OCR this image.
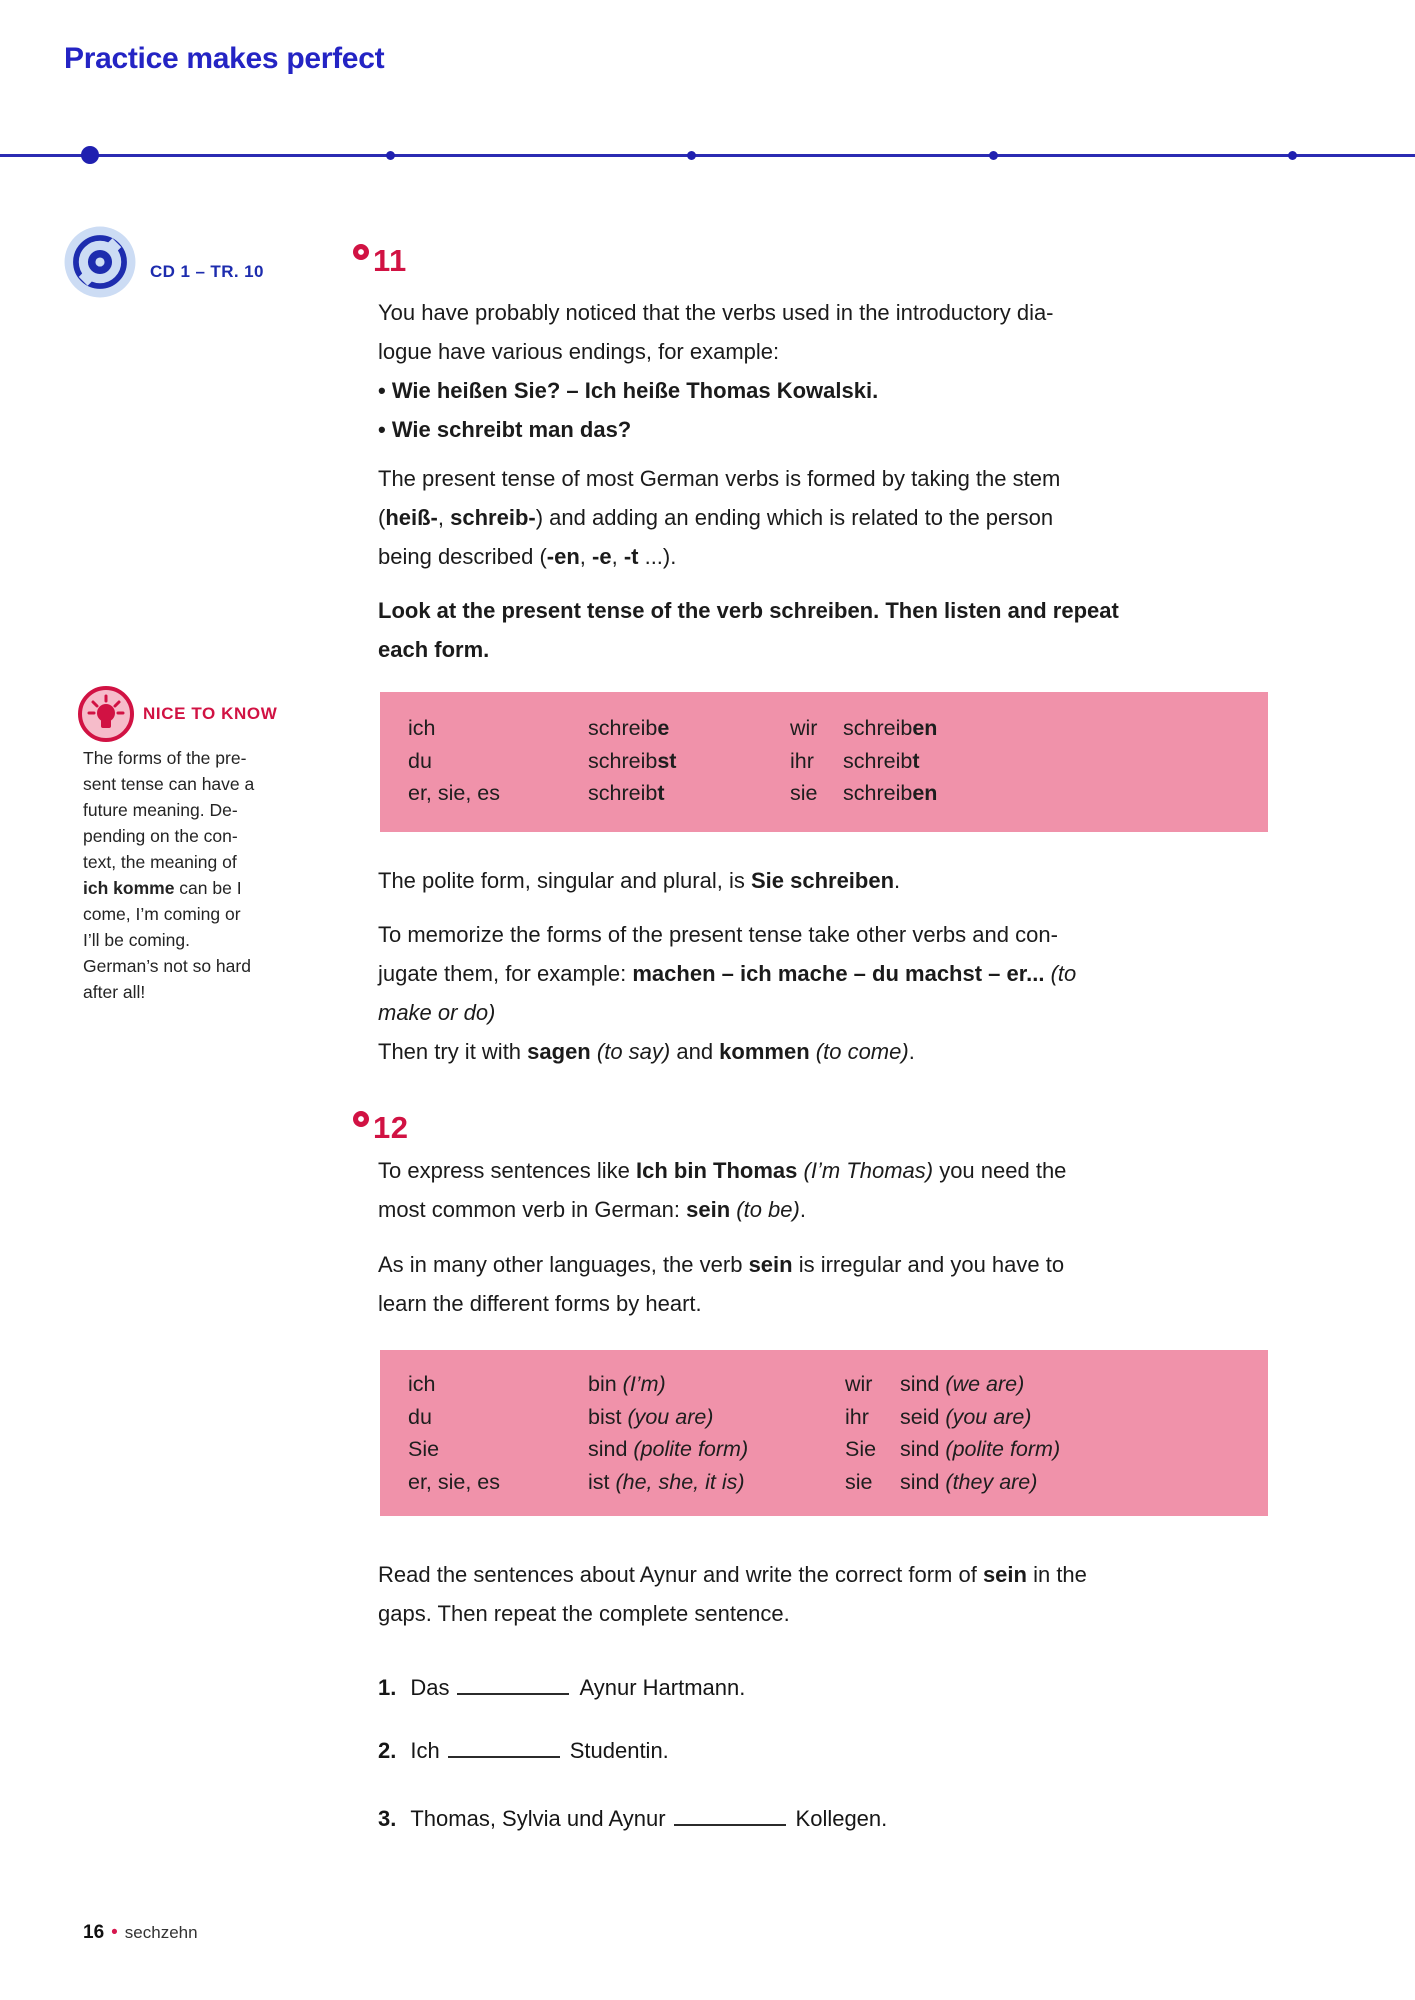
Practice makes perfect
CD 1 – TR. 10	11
You have probably noticed that the verbs used in the introductory dia-
logue have various endings, for example:
• Wie heißen Sie? – Ich heiße Thomas Kowalski.
• Wie schreibt man das?
The present tense of most German verbs is formed by taking the stem
(heiß-, schreib-) and adding an ending which is related to the person
being described (-en, -e, -t ...).
Look at the present tense of the verb schreiben. Then listen and repeat
each form.
ich	schreibe	wir	schreiben
du	schreibst	ihr	schreibt
er, sie, es	schreibt	sie	schreiben
NICE TO KNOW
The forms of the pre-
sent tense can have a
future meaning. De-
pending on the con-
text, the meaning of
ich komme can be I
come, I’m coming or
I’ll be coming.
German’s not so hard
after all!
The polite form, singular and plural, is Sie schreiben.
To memorize the forms of the present tense take other verbs and con-
jugate them, for example: machen – ich mache – du machst – er... (to
make or do)
Then try it with sagen (to say) and kommen (to come).
12
To express sentences like Ich bin Thomas (I’m Thomas) you need the
most common verb in German: sein (to be).
As in many other languages, the verb sein is irregular and you have to
learn the different forms by heart.
ich	bin (I’m)	wir	sind (we are)
du	bist (you are)	ihr	seid (you are)
Sie	sind (polite form)	Sie	sind (polite form)
er, sie, es	ist (he, she, it is)	sie	sind (they are)
Read the sentences about Aynur and write the correct form of sein in the
gaps. Then repeat the complete sentence.
1. Das	Aynur Hartmann.
2. Ich	Studentin.
3. Thomas, Sylvia und Aynur	Kollegen.
16 • sechzehn
